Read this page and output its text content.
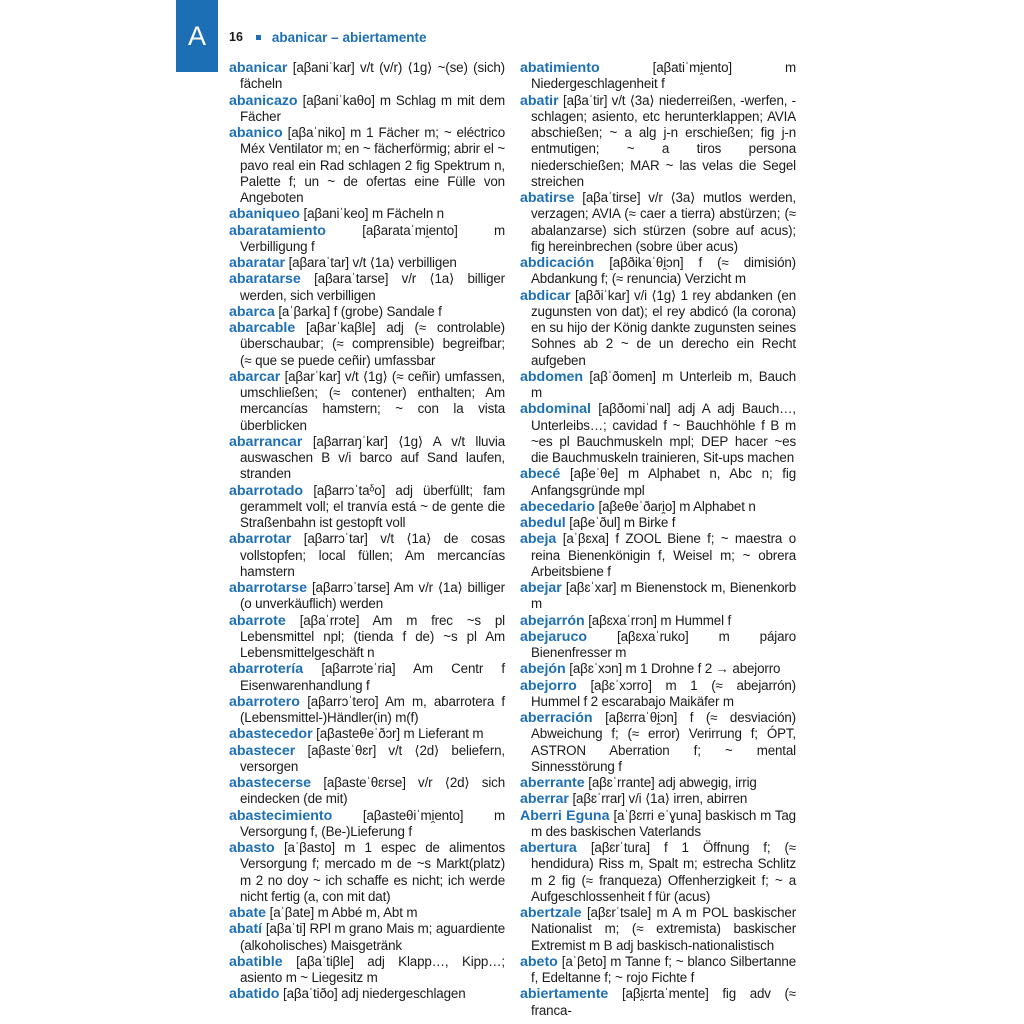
A 16 abanicar – abiertamente

abanicar [aβaniˈkar] v/t (v/r) ⟨1g⟩ ~(se) (sich) fächeln

abanicazo [aβaniˈkaθo] m Schlag m mit dem Fächer

abanico [aβaˈniko] m 1 Fächer m; ~ eléctrico Méx Ventilator m; en ~ fächerförmig; abrir el ~ pavo real ein Rad schlagen 2 fig Spektrum n, Palette f; un ~ de ofertas eine Fülle von Angeboten

abaniqueo [aβaniˈkeo] m Fächeln n

abaratamiento [aβarataˈmi̯ento] m Verbilligung f

abaratar [aβaraˈtar] v/t ⟨1a⟩ verbilligen

abaratarse [aβaraˈtarse] v/r ⟨1a⟩ billiger werden, sich verbilligen

abarca [aˈβarka] f (grobe) Sandale f

abarcable [aβarˈkaβle] adj (≈ controlable) überschaubar; (≈ comprensible) begreifbar; (≈ que se puede ceñir) umfassbar

abarcar [aβarˈkar] v/t ⟨1g⟩ (≈ ceñir) umfassen, umschließen; (≈ contener) enthalten; Am mercancías hamstern; ~ con la vista überblicken

abarrancar [aβarraŋˈkar] ⟨1g⟩ A v/t lluvia auswaschen B v/i barco auf Sand laufen, stranden

abarrotado [aβarrɔˈtaᵟo] adj überfüllt; fam gerammelt voll; el tranvía está ~ de gente die Straßenbahn ist gestopft voll

abarrotar [aβarrɔˈtar] v/t ⟨1a⟩ de cosas vollstopfen; local füllen; Am mercancías hamstern

abarrotarse [aβarrɔˈtarse] Am v/r ⟨1a⟩ billiger (o unverkäuflich) werden

abarrote [aβaˈrrɔte] Am m frec ~s pl Lebensmittel npl; (tienda f de) ~s pl Am Lebensmittelgeschäft n

abarrotería [aβarrɔteˈria] Am Centr f Eisenwarenhandlung f

abarrotero [aβarrɔˈtero] Am m, abarrotera f (Lebensmittel-)Händler(in) m(f)

abastecedor [aβasteθeˈðɔr] m Lieferant m

abastecer [aβasteˈθɛr] v/t ⟨2d⟩ beliefern, versorgen

abastecerse [aβasteˈθɛrse] v/r ⟨2d⟩ sich eindecken (de mit)

abastecimiento [aβasteθiˈmi̯ento] m Versorgung f, (Be-)Lieferung f

abasto [aˈβasto] m 1 espec de alimentos Versorgung f; mercado m de ~s Markt(platz) m 2 no doy ~ ich schaffe es nicht; ich werde nicht fertig (a, con mit dat)

abate [aˈβate] m Abbé m, Abt m

abatí [aβaˈti] RPl m grano Mais m; aguardiente (alkoholisches) Maisgetränk

abatible [aβaˈtiβle] adj Klapp…, Kipp…; asiento m ~ Liegesitz m

abatido [aβaˈtiðo] adj niedergeschlagen

abatimiento [aβatiˈmi̯ento] m Niedergeschlagenheit f

abatir [aβaˈtir] v/t ⟨3a⟩ niederreißen, -werfen, -schlagen; asiento, etc herunterklappen; AVIA abschießen; ~ a alg j-n erschießen; fig j-n entmutigen; ~ a tiros persona niederschießen; MAR ~ las velas die Segel streichen

abatirse [aβaˈtirse] v/r ⟨3a⟩ mutlos werden, verzagen; AVIA (≈ caer a tierra) abstürzen; (≈ abalanzarse) sich stürzen (sobre auf acus); fig hereinbrechen (sobre über acus)

abdicación [aβðikaˈθi̯ɔn] f (≈ dimisión) Abdankung f; (≈ renuncia) Verzicht m

abdicar [aβðiˈkar] v/i ⟨1g⟩ 1 rey abdanken (en zugunsten von dat); el rey abdicó (la corona) en su hijo der König dankte zugunsten seines Sohnes ab 2 ~ de un derecho ein Recht aufgeben

abdomen [aβˈðomen] m Unterleib m, Bauch m

abdominal [aβðomiˈnal] adj A adj Bauch…, Unterleibs…; cavidad f ~ Bauchhöhle f B m ~es pl Bauchmuskeln mpl; DEP hacer ~es die Bauchmuskeln trainieren, Sit-ups machen

abecé [aβeˈθe] m Alphabet n, Abc n; fig Anfangsgründe mpl

abecedario [aβeθeˈðari̯o] m Alphabet n

abedul [aβeˈðul] m Birke f

abeja [aˈβɛxa] f ZOOL Biene f; ~ maestra o reina Bienenkönigin f, Weisel m; ~ obrera Arbeitsbiene f

abejar [aβɛˈxar] m Bienenstock m, Bienenkorb m

abejarrón [aβɛxaˈrrɔn] m Hummel f

abejaruco [aβɛxaˈruko] m pájaro Bienenfresser m

abejón [aβɛˈxɔn] m 1 Drohne f 2 → abejorro

abejorro [aβɛˈxɔrro] m 1 (≈ abejarrón) Hummel f 2 escarabajo Maikäfer m

aberración [aβɛrraˈθi̯ɔn] f (≈ desviación) Abweichung f; (≈ error) Verirrung f; ÓPT, ASTRON Aberration f; ~ mental Sinnesstörung f

aberrante [aβɛˈrrante] adj abwegig, irrig

aberrar [aβɛˈrrar] v/i ⟨1a⟩ irren, abirren

Aberri Eguna [aˈβɛrri eˈɣuna] baskisch m Tag m des baskischen Vaterlands

abertura [aβɛrˈtura] f 1 Öffnung f; (≈ hendidura) Riss m, Spalt m; estrecha Schlitz m 2 fig (≈ franqueza) Offenherzigkeit f; ~ a Aufgeschlossenheit f für (acus)

abertzale [aβɛrˈtsale] m A m POL baskischer Nationalist m; (≈ extremista) baskischer Extremist m B adj baskisch-nationalistisch

abeto [aˈβeto] m Tanne f; ~ blanco Silbertanne f, Edeltanne f; ~ rojo Fichte f

abiertamente [aβi̯ɛrtaˈmente] fig adv (≈ franca-
